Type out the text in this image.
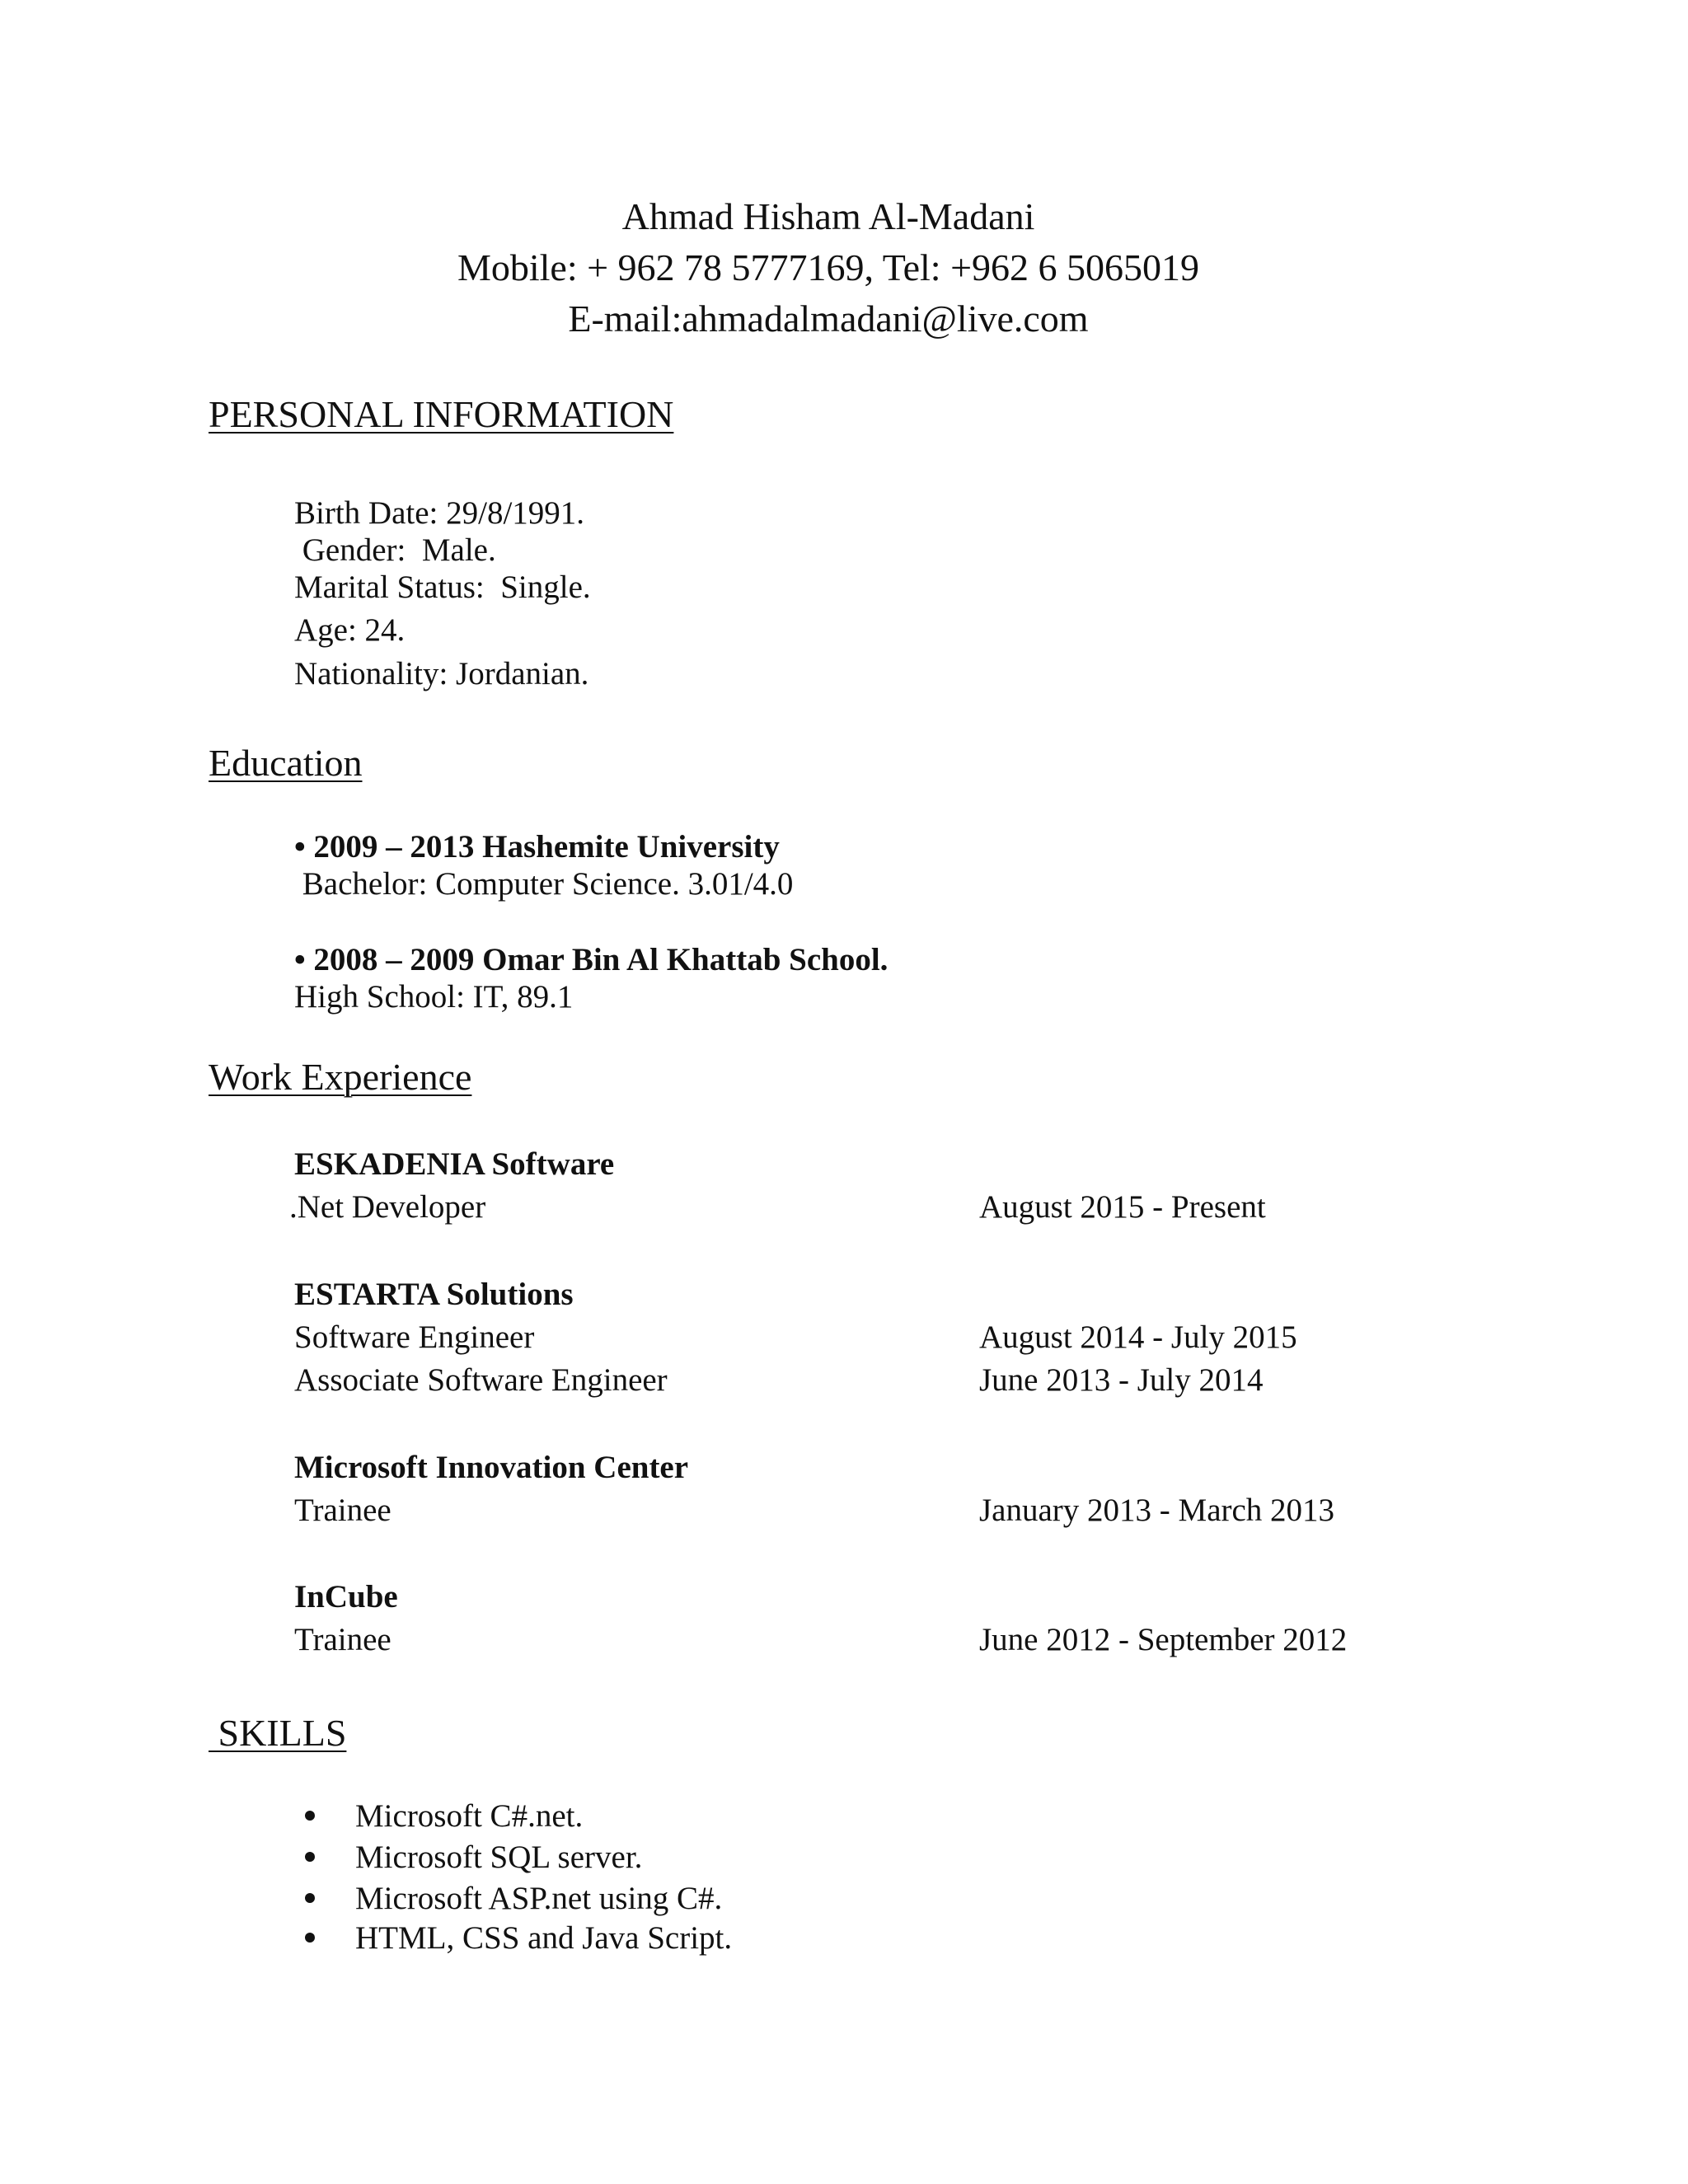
Ahmad Hisham Al-Madani
Mobile: + 962 78 5777169, Tel: +962 6 5065019
E-mail:ahmadalmadani@live.com
PERSONAL INFORMATION
Birth Date: 29/8/1991.
Gender:  Male.
Marital Status:  Single.
Age: 24.
Nationality: Jordanian.
Education
• 2009 – 2013 Hashemite University
Bachelor: Computer Science. 3.01/4.0
• 2008 – 2009 Omar Bin Al Khattab School.
High School: IT, 89.1
Work Experience
ESKADENIA Software
.Net Developer	August 2015 - Present
ESTARTA Solutions
Software Engineer	August 2014 - July 2015
Associate Software Engineer	June 2013 - July 2014
Microsoft Innovation Center
Trainee	January 2013 - March 2013
InCube
Trainee	June 2012 - September 2012
SKILLS
Microsoft C#.net.
Microsoft SQL server.
Microsoft ASP.net using C#.
HTML, CSS and Java Script.
